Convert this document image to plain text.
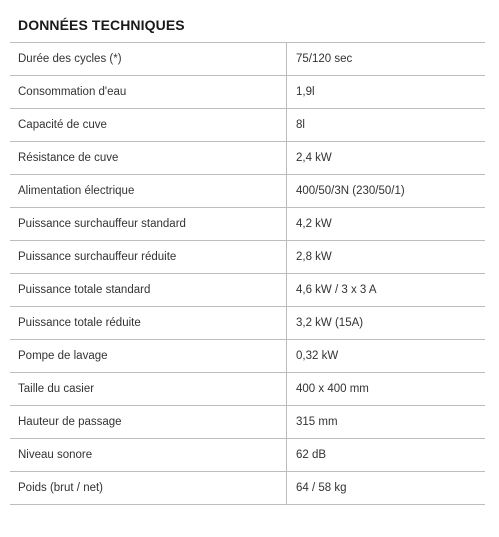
DONNÉES TECHNIQUES
Durée des cycles (*)	75/120 sec
Consommation d'eau	1,9l
Capacité de cuve	8l
Résistance de cuve	2,4 kW
Alimentation électrique	400/50/3N (230/50/1)
Puissance surchauffeur standard	4,2 kW
Puissance surchauffeur réduite	2,8 kW
Puissance totale standard	4,6 kW / 3 x 3 A
Puissance totale réduite	3,2 kW (15A)
Pompe de lavage	0,32 kW
Taille du casier	400 x 400 mm
Hauteur de passage	315 mm
Niveau sonore	62 dB
Poids (brut / net)	64 / 58 kg
